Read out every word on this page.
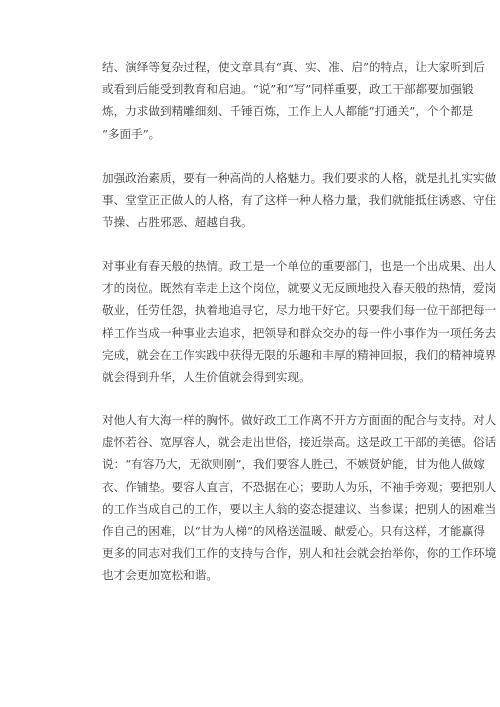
结、演绎等复杂过程，使文章具有“真、实、准、启”的特点，让大家听到后
或看到后能受到教育和启迪。“说”和“写”同样重要，政工干部都要加强锻
炼，力求做到精雕细刻、千锤百炼，工作上人人都能“打通关”，个个都是
“多面手”。

加强政治素质，要有一种高尚的人格魅力。我们要求的人格，就是扎扎实实做
事、堂堂正正做人的人格，有了这样一种人格力量，我们就能抵住诱惑、守住
节操、占胜邪恶、超越自我。

对事业有春天般的热情。政工是一个单位的重要部门，也是一个出成果、出人
才的岗位。既然有幸走上这个岗位，就要义无反顾地投入春天般的热情，爱岗
敬业，任劳任怨，执着地追寻它，尽力地干好它。只要我们每一位干部把每一
样工作当成一种事业去追求，把领导和群众交办的每一件小事作为一项任务去
完成，就会在工作实践中获得无限的乐趣和丰厚的精神回报，我们的精神境界
就会得到升华，人生价值就会得到实现。

对他人有大海一样的胸怀。做好政工工作离不开方方面面的配合与支持。对人
虚怀若谷、宽厚容人，就会走出世俗，接近崇高。这是政工干部的美德。俗话
说：“有容乃大，无欲则刚”，我们要容人胜己，不嫉贤妒能，甘为他人做嫁
衣、作铺垫。要容人直言，不恐据在心；要助人为乐，不袖手旁观；要把别人
的工作当成自己的工作，要以主人翁的姿态提建议、当参谋；把别人的困难当
作自己的困难，以“甘为人梯”的风格送温暖、献爱心。只有这样，才能赢得
更多的同志对我们工作的支持与合作，别人和社会就会抬举你，你的工作环境
也才会更加宽松和谐。
